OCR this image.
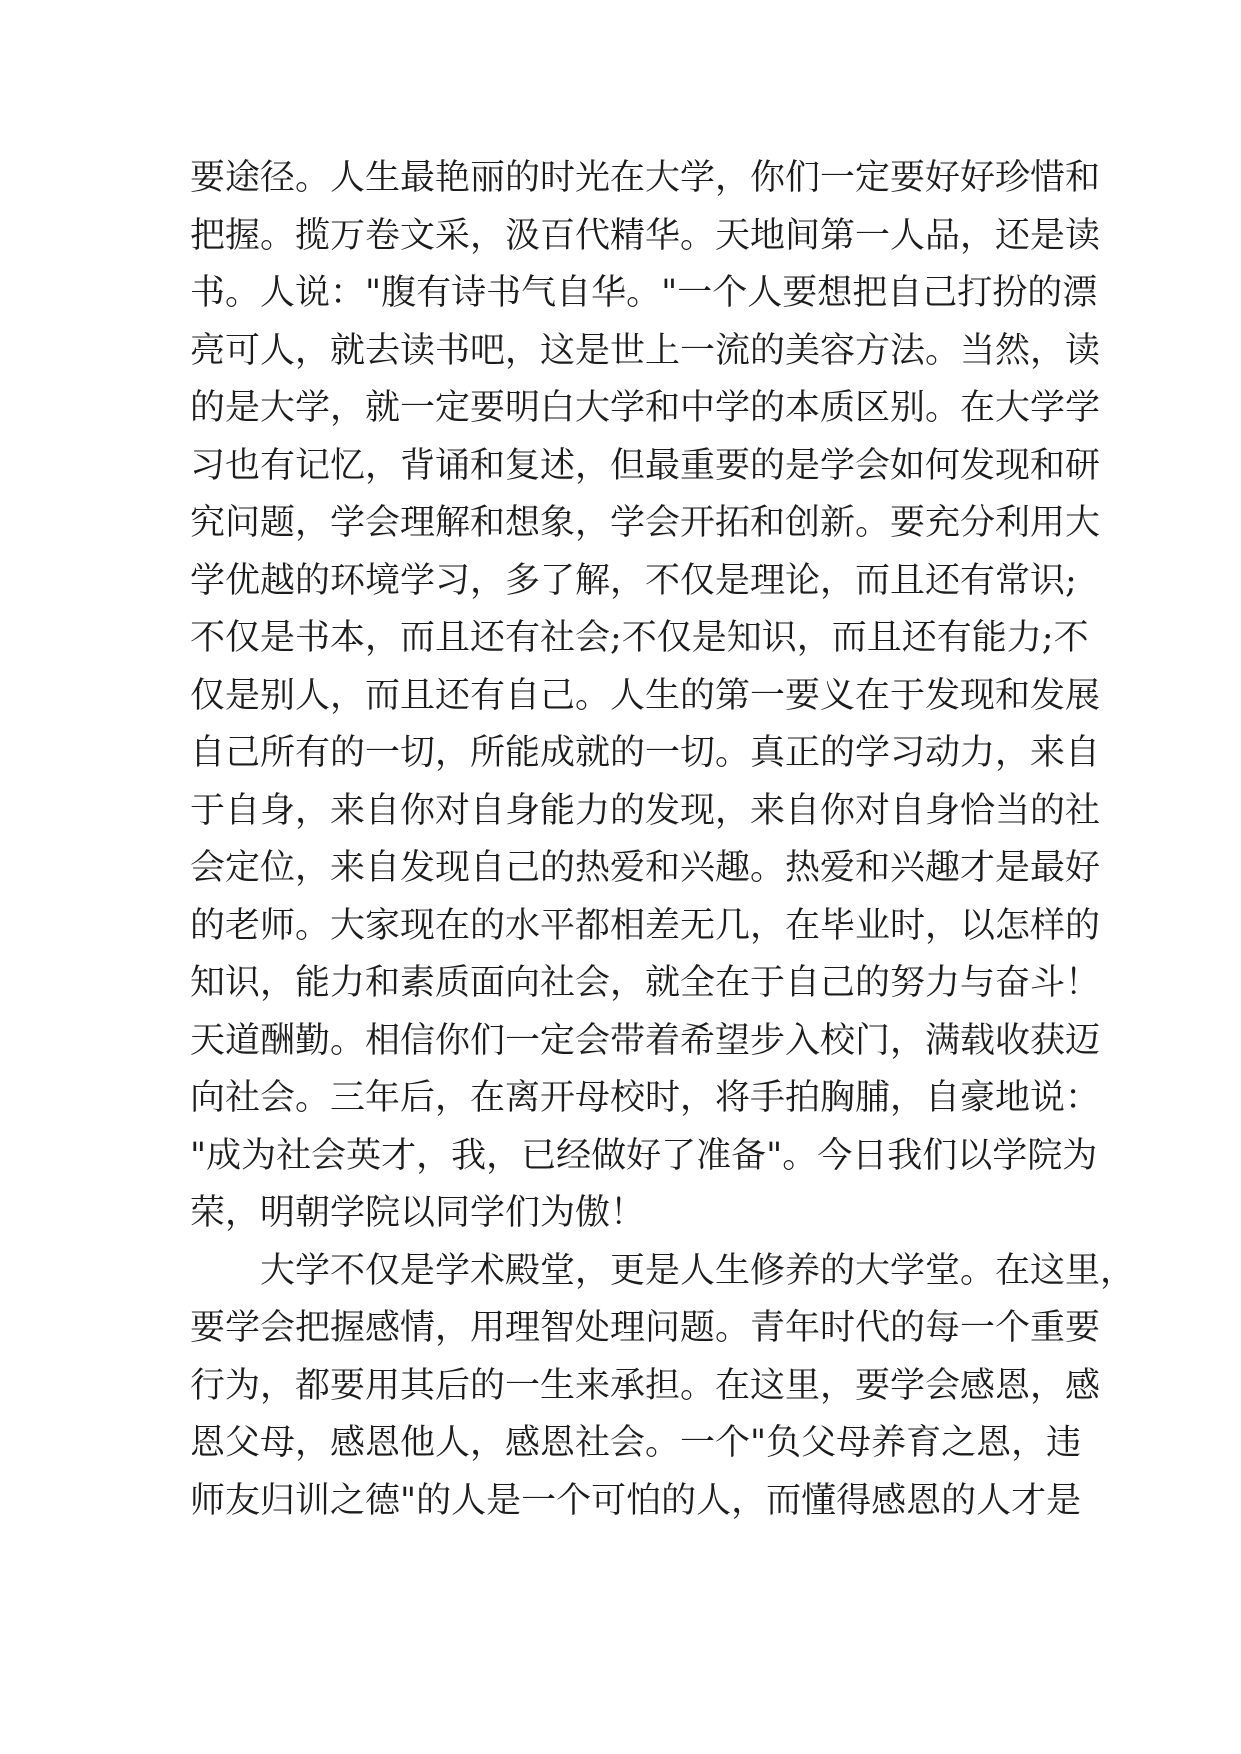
要途径。人生最艳丽的时光在大学，你们一定要好好珍惜和
把握。揽万卷文采，汲百代精华。天地间第一人品，还是读
书。人说："腹有诗书气自华。"一个人要想把自己打扮的漂
亮可人，就去读书吧，这是世上一流的美容方法。当然，读
的是大学，就一定要明白大学和中学的本质区别。在大学学
习也有记忆，背诵和复述，但最重要的是学会如何发现和研
究问题，学会理解和想象，学会开拓和创新。要充分利用大
学优越的环境学习，多了解，不仅是理论，而且还有常识;
不仅是书本，而且还有社会;不仅是知识，而且还有能力;不
仅是别人，而且还有自己。人生的第一要义在于发现和发展
自己所有的一切，所能成就的一切。真正的学习动力，来自
于自身，来自你对自身能力的发现，来自你对自身恰当的社
会定位，来自发现自己的热爱和兴趣。热爱和兴趣才是最好
的老师。大家现在的水平都相差无几，在毕业时，以怎样的
知识，能力和素质面向社会，就全在于自己的努力与奋斗！
天道酬勤。相信你们一定会带着希望步入校门，满载收获迈
向社会。三年后，在离开母校时，将手拍胸脯，自豪地说：
"成为社会英才，我，已经做好了准备"。今日我们以学院为
荣，明朝学院以同学们为傲！
大学不仅是学术殿堂，更是人生修养的大学堂。在这里，
要学会把握感情，用理智处理问题。青年时代的每一个重要
行为，都要用其后的一生来承担。在这里，要学会感恩，感
恩父母，感恩他人，感恩社会。一个"负父母养育之恩，违
师友归训之德"的人是一个可怕的人，而懂得感恩的人才是
